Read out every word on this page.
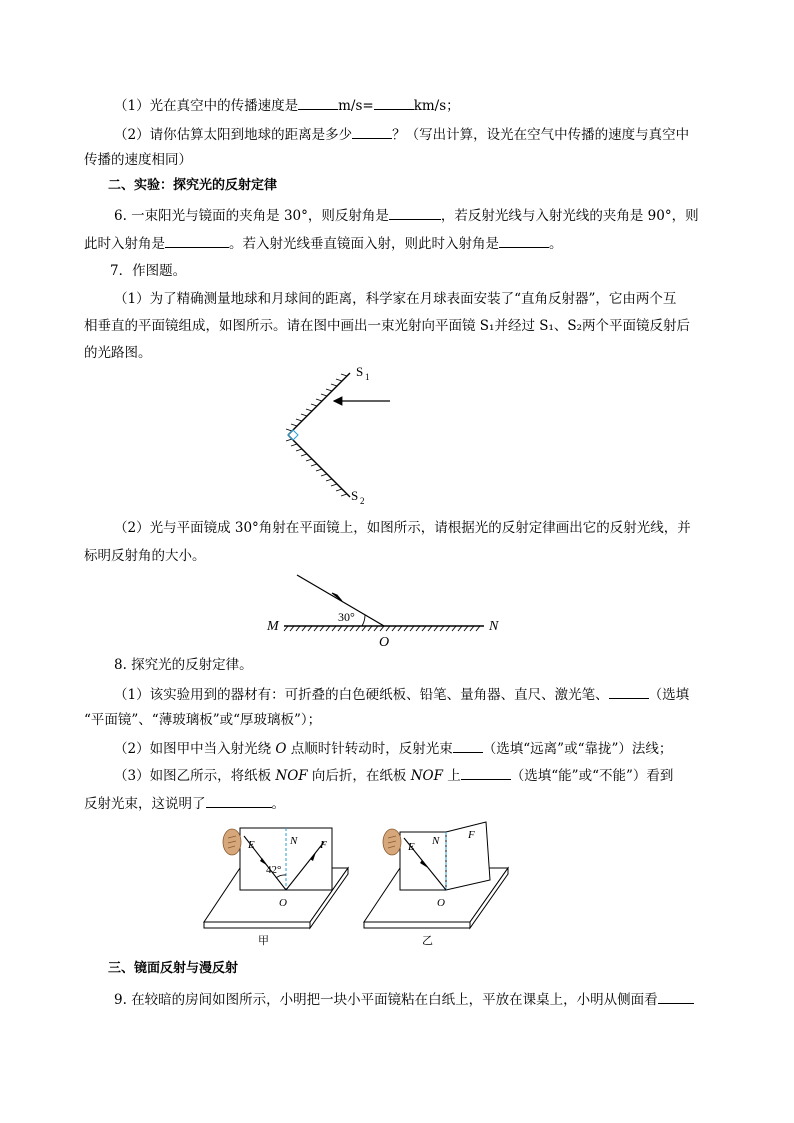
（1）光在真空中的传播速度是	m/s=	km/s；
（2）请你估算太阳到地球的距离是多少	？（写出计算，设光在空气中传播的速度与真空中
传播的速度相同）
二、实验：探究光的反射定律
6. 一束阳光与镜面的夹角是 30°，则反射角是	，若反射光线与入射光线的夹角是 90°，则
此时入射角是	。若入射光线垂直镜面入射，则此时入射角是	。
7．作图题。
（1）为了精确测量地球和月球间的距离，科学家在月球表面安装了“直角反射器”，它由两个互
相垂直的平面镜组成，如图所示。请在图中画出一束光射向平面镜 S₁并经过 S₁、S₂两个平面镜反射后
的光路图。
S 1
S 2
（2）光与平面镜成 30°角射在平面镜上，如图所示，请根据光的反射定律画出它的反射光线，并
标明反射角的大小。
M	N
O
30°
8. 探究光的反射定律。
（1）该实验用到的器材有：可折叠的白色硬纸板、铅笔、量角器、直尺、激光笔、	（选填
“平面镜”、“薄玻璃板”或“厚玻璃板”）；
（2）如图甲中当入射光绕 O 点顺时针转动时，反射光束 （选填“远离”或“靠拢”）法线；
（3）如图乙所示，将纸板 NOF 向后折，在纸板 NOF 上	（选填“能”或“不能”）看到
反射光束，这说明了	。
E	N F
42°
O
甲
E N	F
O
乙
三、镜面反射与漫反射
9. 在较暗的房间如图所示，小明把一块小平面镜粘在白纸上，平放在课桌上，小明从侧面看
